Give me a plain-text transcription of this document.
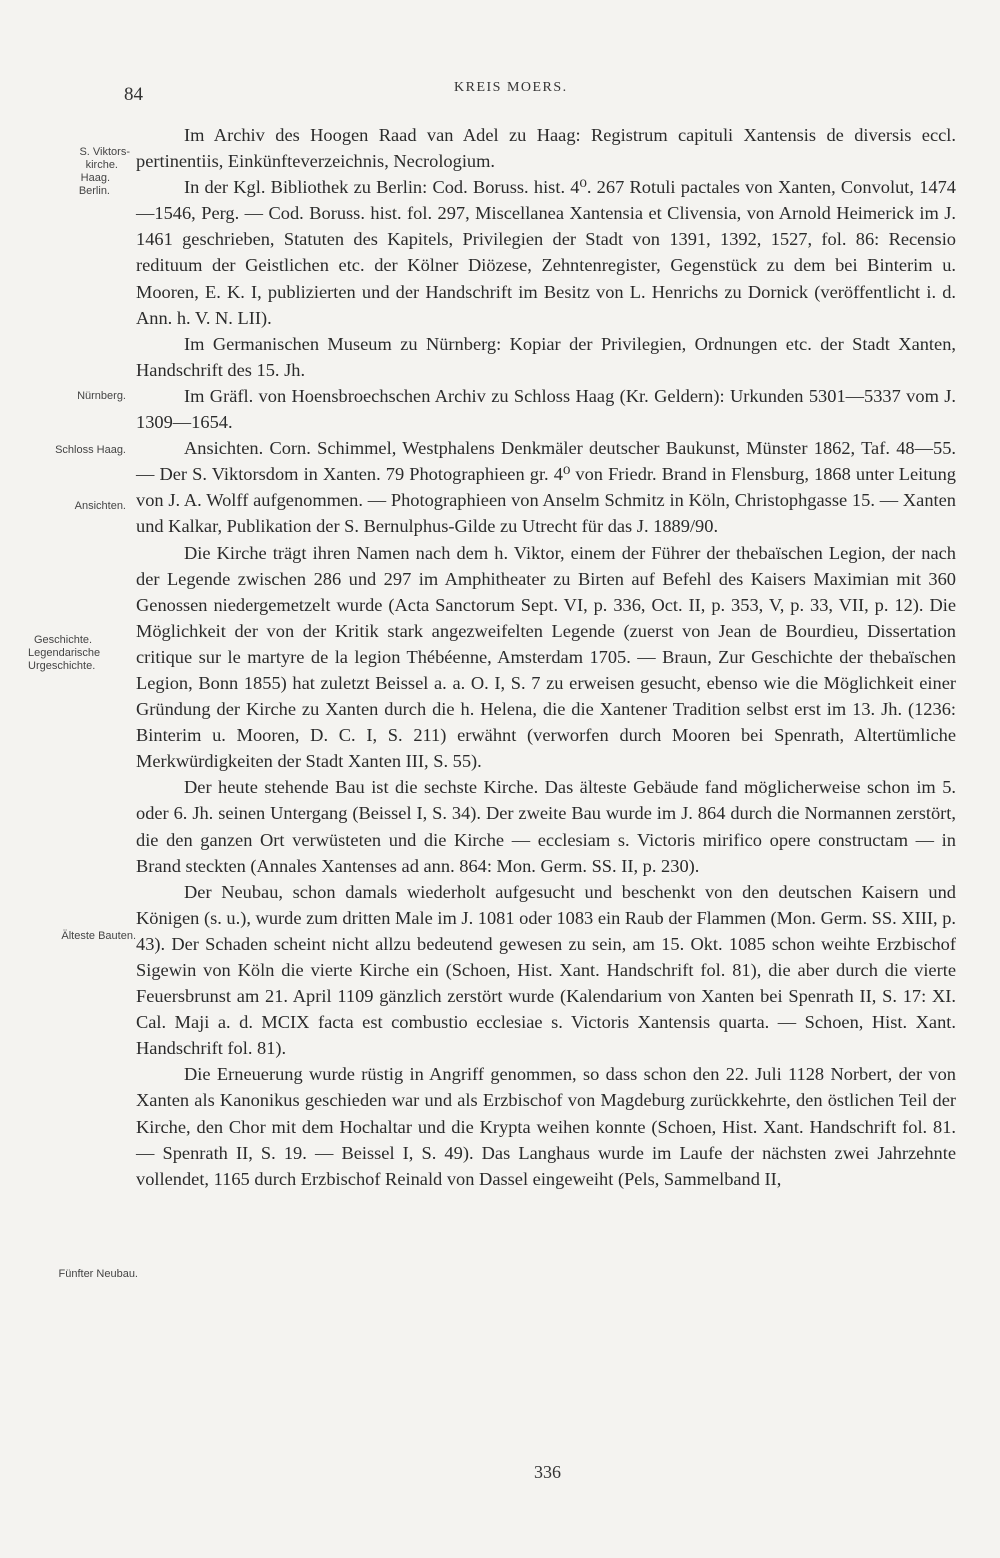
84	KREIS MOERS.
S. Viktors-
kirche.
Haag.
Berlin.
Nürnberg.
Schloss Haag.
Ansichten.
Geschichte.
Legendarische
Urgeschichte.
Älteste Bauten.
Fünfter Neubau.

Im Archiv des Hoogen Raad van Adel zu Haag: Registrum capituli Xantensis de diversis eccl. pertinentiis, Einkünfteverzeichnis, Necrologium.

In der Kgl. Bibliothek zu Berlin: Cod. Boruss. hist. 4⁰. 267 Rotuli pactales von Xanten, Convolut, 1474—1546, Perg. — Cod. Boruss. hist. fol. 297, Miscellanea Xantensia et Clivensia, von Arnold Heimerick im J. 1461 geschrieben, Statuten des Kapitels, Privilegien der Stadt von 1391, 1392, 1527, fol. 86: Recensio redituum der Geistlichen etc. der Kölner Diözese, Zehntenregister, Gegenstück zu dem bei Binterim u. Mooren, E. K. I, publizierten und der Handschrift im Besitz von L. Henrichs zu Dornick (veröffentlicht i. d. Ann. h. V. N. LII).

Im Germanischen Museum zu Nürnberg: Kopiar der Privilegien, Ordnungen etc. der Stadt Xanten, Handschrift des 15. Jh.

Im Gräfl. von Hoensbroechschen Archiv zu Schloss Haag (Kr. Geldern): Urkunden 5301—5337 vom J. 1309—1654.

Ansichten. Corn. Schimmel, Westphalens Denkmäler deutscher Baukunst, Münster 1862, Taf. 48—55. — Der S. Viktorsdom in Xanten. 79 Photographieen gr. 4⁰ von Friedr. Brand in Flensburg, 1868 unter Leitung von J. A. Wolff aufgenommen. — Photographieen von Anselm Schmitz in Köln, Christophgasse 15. — Xanten und Kalkar, Publikation der S. Bernulphus-Gilde zu Utrecht für das J. 1889/90.

Die Kirche trägt ihren Namen nach dem h. Viktor, einem der Führer der thebaïschen Legion, der nach der Legende zwischen 286 und 297 im Amphitheater zu Birten auf Befehl des Kaisers Maximian mit 360 Genossen niedergemetzelt wurde (Acta Sanctorum Sept. VI, p. 336, Oct. II, p. 353, V, p. 33, VII, p. 12). Die Möglichkeit der von der Kritik stark angezweifelten Legende (zuerst von Jean de Bourdieu, Dissertation critique sur le martyre de la legion Thébéenne, Amsterdam 1705. — Braun, Zur Geschichte der thebaïschen Legion, Bonn 1855) hat zuletzt Beissel a. a. O. I, S. 7 zu erweisen gesucht, ebenso wie die Möglichkeit einer Gründung der Kirche zu Xanten durch die h. Helena, die die Xantener Tradition selbst erst im 13. Jh. (1236: Binterim u. Mooren, D. C. I, S. 211) erwähnt (verworfen durch Mooren bei Spenrath, Altertümliche Merkwürdigkeiten der Stadt Xanten III, S. 55).

Der heute stehende Bau ist die sechste Kirche. Das älteste Gebäude fand möglicherweise schon im 5. oder 6. Jh. seinen Untergang (Beissel I, S. 34). Der zweite Bau wurde im J. 864 durch die Normannen zerstört, die den ganzen Ort verwüsteten und die Kirche — ecclesiam s. Victoris mirifico opere constructam — in Brand steckten (Annales Xantenses ad ann. 864: Mon. Germ. SS. II, p. 230).

Der Neubau, schon damals wiederholt aufgesucht und beschenkt von den deutschen Kaisern und Königen (s. u.), wurde zum dritten Male im J. 1081 oder 1083 ein Raub der Flammen (Mon. Germ. SS. XIII, p. 43). Der Schaden scheint nicht allzu bedeutend gewesen zu sein, am 15. Okt. 1085 schon weihte Erzbischof Sigewin von Köln die vierte Kirche ein (Schoen, Hist. Xant. Handschrift fol. 81), die aber durch die vierte Feuersbrunst am 21. April 1109 gänzlich zerstört wurde (Kalendarium von Xanten bei Spenrath II, S. 17: XI. Cal. Maji a. d. MCIX facta est combustio ecclesiae s. Victoris Xantensis quarta. — Schoen, Hist. Xant. Handschrift fol. 81).

Die Erneuerung wurde rüstig in Angriff genommen, so dass schon den 22. Juli 1128 Norbert, der von Xanten als Kanonikus geschieden war und als Erzbischof von Magdeburg zurückkehrte, den östlichen Teil der Kirche, den Chor mit dem Hochaltar und die Krypta weihen konnte (Schoen, Hist. Xant. Handschrift fol. 81. — Spenrath II, S. 19. — Beissel I, S. 49). Das Langhaus wurde im Laufe der nächsten zwei Jahrzehnte vollendet, 1165 durch Erzbischof Reinald von Dassel eingeweiht (Pels, Sammelband II,

336
